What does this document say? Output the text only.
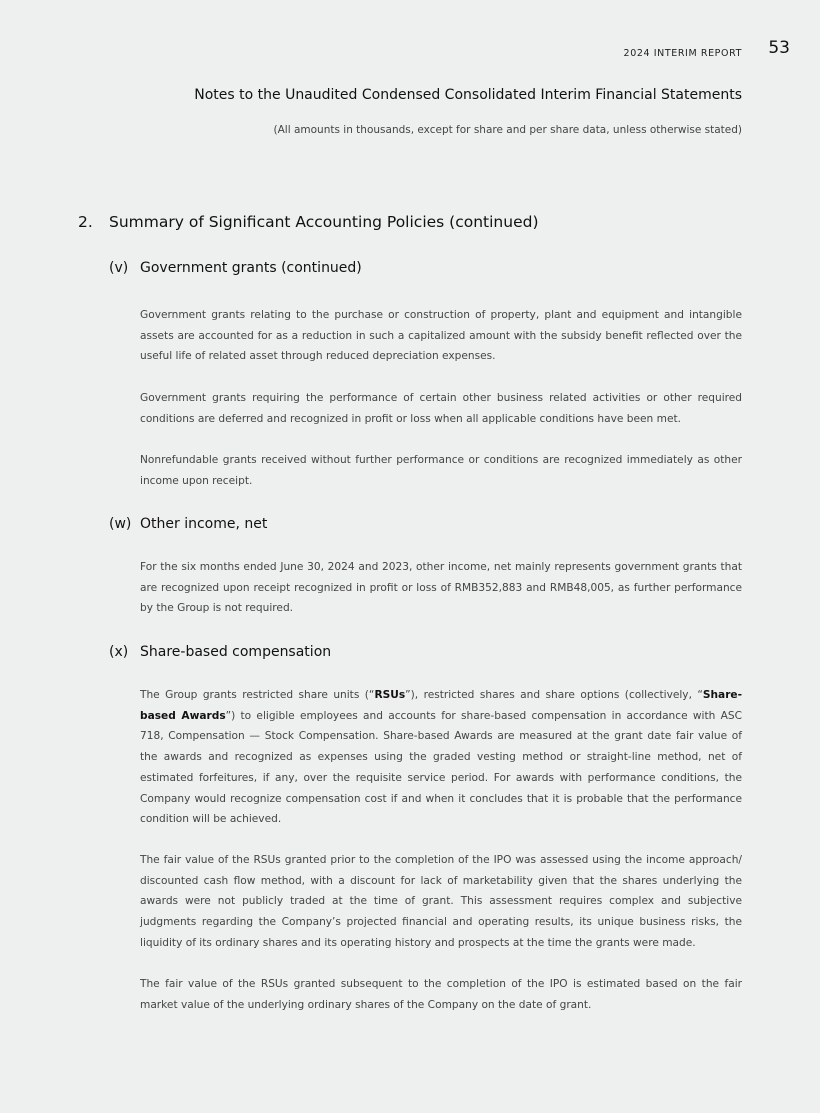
2024 INTERIM REPORT 53
Notes to the Unaudited Condensed Consolidated Interim Financial Statements
(All amounts in thousands, except for share and per share data, unless otherwise stated)
2.	Summary of Significant Accounting Policies (continued)
(v) Government grants (continued)

Government grants relating to the purchase or construction of property, plant and equipment and intangible assets are accounted for as a reduction in such a capitalized amount with the subsidy benefit reflected over the useful life of related asset through reduced depreciation expenses.

Government grants requiring the performance of certain other business related activities or other required conditions are deferred and recognized in profit or loss when all applicable conditions have been met.

Nonrefundable grants received without further performance or conditions are recognized immediately as other income upon receipt.

(w) Other income, net

For the six months ended June 30, 2024 and 2023, other income, net mainly represents government grants that are recognized upon receipt recognized in profit or loss of RMB352,883 and RMB48,005, as further performance by the Group is not required.

(x) Share-based compensation

The Group grants restricted share units (“RSUs”), restricted shares and share options (collectively, “Share-based Awards”) to eligible employees and accounts for share-based compensation in accordance with ASC 718, Compensation — Stock Compensation. Share-based Awards are measured at the grant date fair value of the awards and recognized as expenses using the graded vesting method or straight-line method, net of estimated forfeitures, if any, over the requisite service period. For awards with performance conditions, the Company would recognize compensation cost if and when it concludes that it is probable that the performance condition will be achieved.

The fair value of the RSUs granted prior to the completion of the IPO was assessed using the income approach/ discounted cash flow method, with a discount for lack of marketability given that the shares underlying the awards were not publicly traded at the time of grant. This assessment requires complex and subjective judgments regarding the Company’s projected financial and operating results, its unique business risks, the liquidity of its ordinary shares and its operating history and prospects at the time the grants were made.

The fair value of the RSUs granted subsequent to the completion of the IPO is estimated based on the fair market value of the underlying ordinary shares of the Company on the date of grant.
